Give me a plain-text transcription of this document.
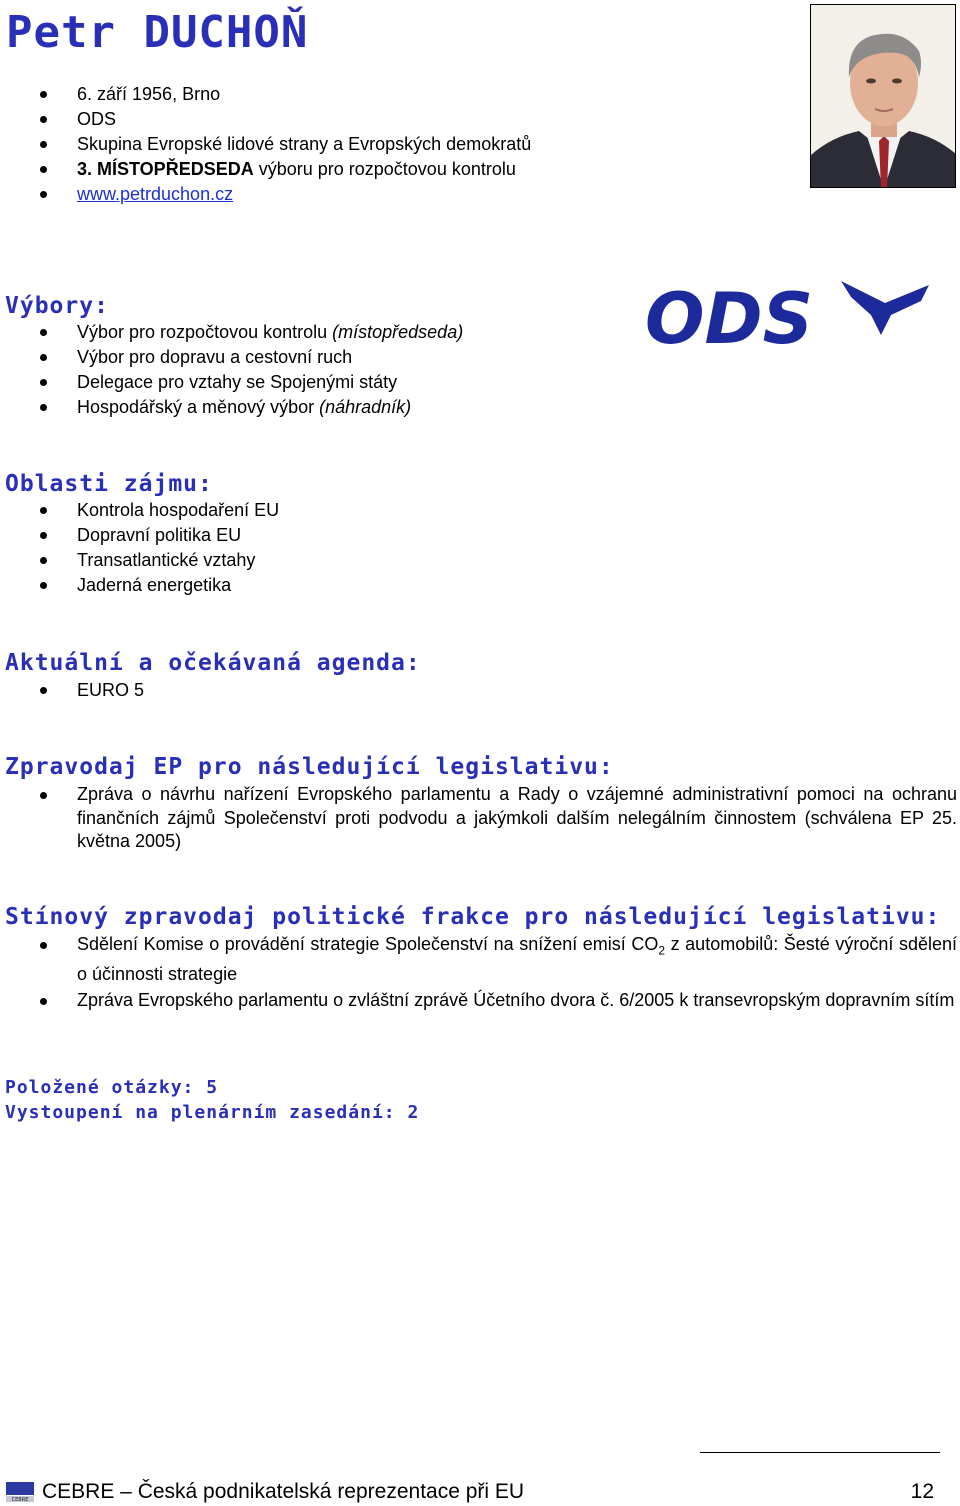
Petr DUCHOŇ
ODS
6. září 1956, Brno
ODS
Skupina Evropské lidové strany a Evropských demokratů
3. MÍSTOPŘEDSEDA výboru pro rozpočtovou kontrolu
www.petrduchon.cz
Výbory:
Výbor pro rozpočtovou kontrolu (místopředseda)
Výbor pro dopravu a cestovní ruch
Delegace pro vztahy se Spojenými státy
Hospodářský a měnový výbor (náhradník)
Oblasti zájmu:
Kontrola hospodaření EU
Dopravní politika EU
Transatlantické vztahy
Jaderná energetika
Aktuální a očekávaná agenda:
EURO 5
Zpravodaj EP pro následující legislativu:
Zpráva o návrhu nařízení Evropského parlamentu a Rady o vzájemné administrativní pomoci na ochranu finančních zájmů Společenství proti podvodu a jakýmkoli dalším nelegálním činnostem (schválena EP 25. května 2005)
Stínový zpravodaj politické frakce pro následující legislativu:
Sdělení Komise o provádění strategie Společenství na snížení emisí $CO_2$ z automobilů: Šesté výroční sdělení o účinnosti strategie
Zpráva Evropského parlamentu o zvláštní zprávě Účetního dvora č. 6/2005 k transevropským dopravním sítím

Položené otázky: 5

Vystoupení na plenárním zasedání: 2

CEBRE CEBRE – Česká podnikatelská reprezentace při EU	12
